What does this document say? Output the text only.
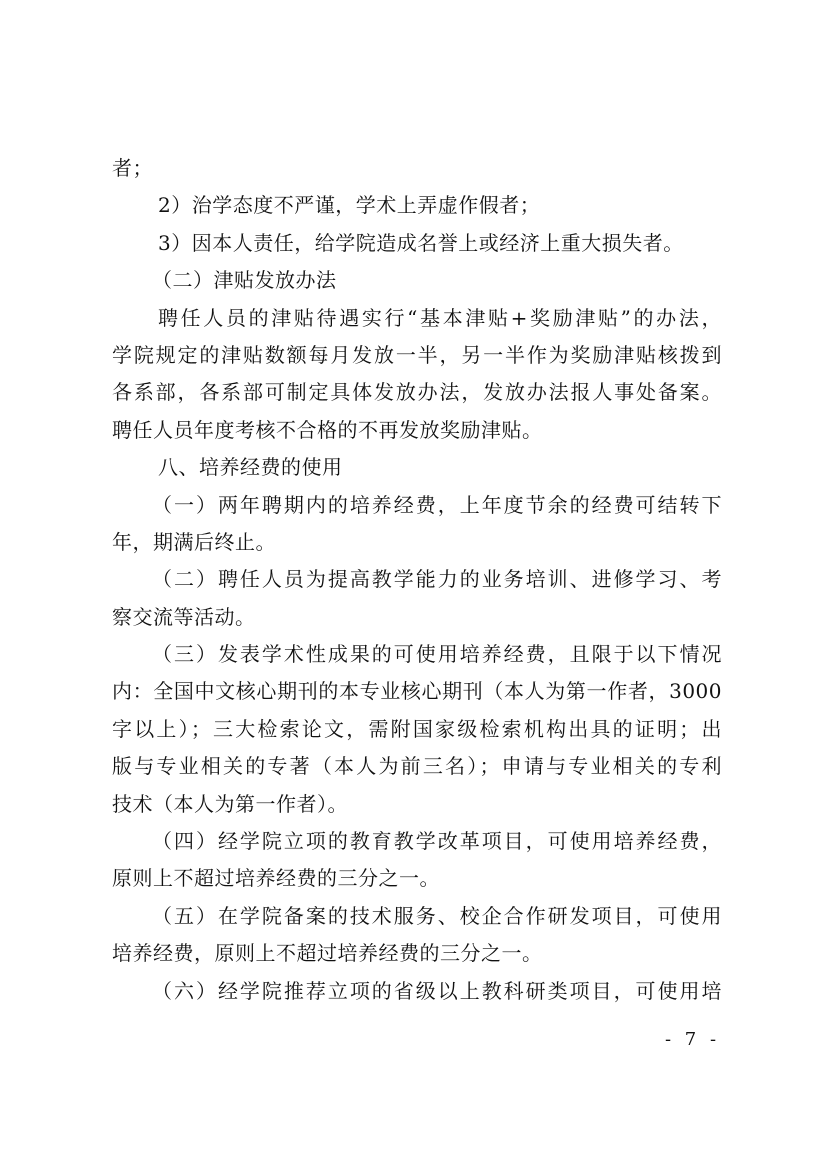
者；
2）治学态度不严谨，学术上弄虚作假者；
3）因本人责任，给学院造成名誉上或经济上重大损失者。
（二）津贴发放办法
聘任人员的津贴待遇实行“基本津贴+奖励津贴”的办法，
学院规定的津贴数额每月发放一半，另一半作为奖励津贴核拨到
各系部，各系部可制定具体发放办法，发放办法报人事处备案。
聘任人员年度考核不合格的不再发放奖励津贴。
八、培养经费的使用
（一）两年聘期内的培养经费，上年度节余的经费可结转下
年，期满后终止。
（二）聘任人员为提高教学能力的业务培训、进修学习、考
察交流等活动。
（三）发表学术性成果的可使用培养经费，且限于以下情况
内：全国中文核心期刊的本专业核心期刊（本人为第一作者，3000
字以上）；三大检索论文，需附国家级检索机构出具的证明；出
版与专业相关的专著（本人为前三名）；申请与专业相关的专利
技术（本人为第一作者）。
（四）经学院立项的教育教学改革项目，可使用培养经费，
原则上不超过培养经费的三分之一。
（五）在学院备案的技术服务、校企合作研发项目，可使用
培养经费，原则上不超过培养经费的三分之一。
（六）经学院推荐立项的省级以上教科研类项目，可使用培
- 7 -
